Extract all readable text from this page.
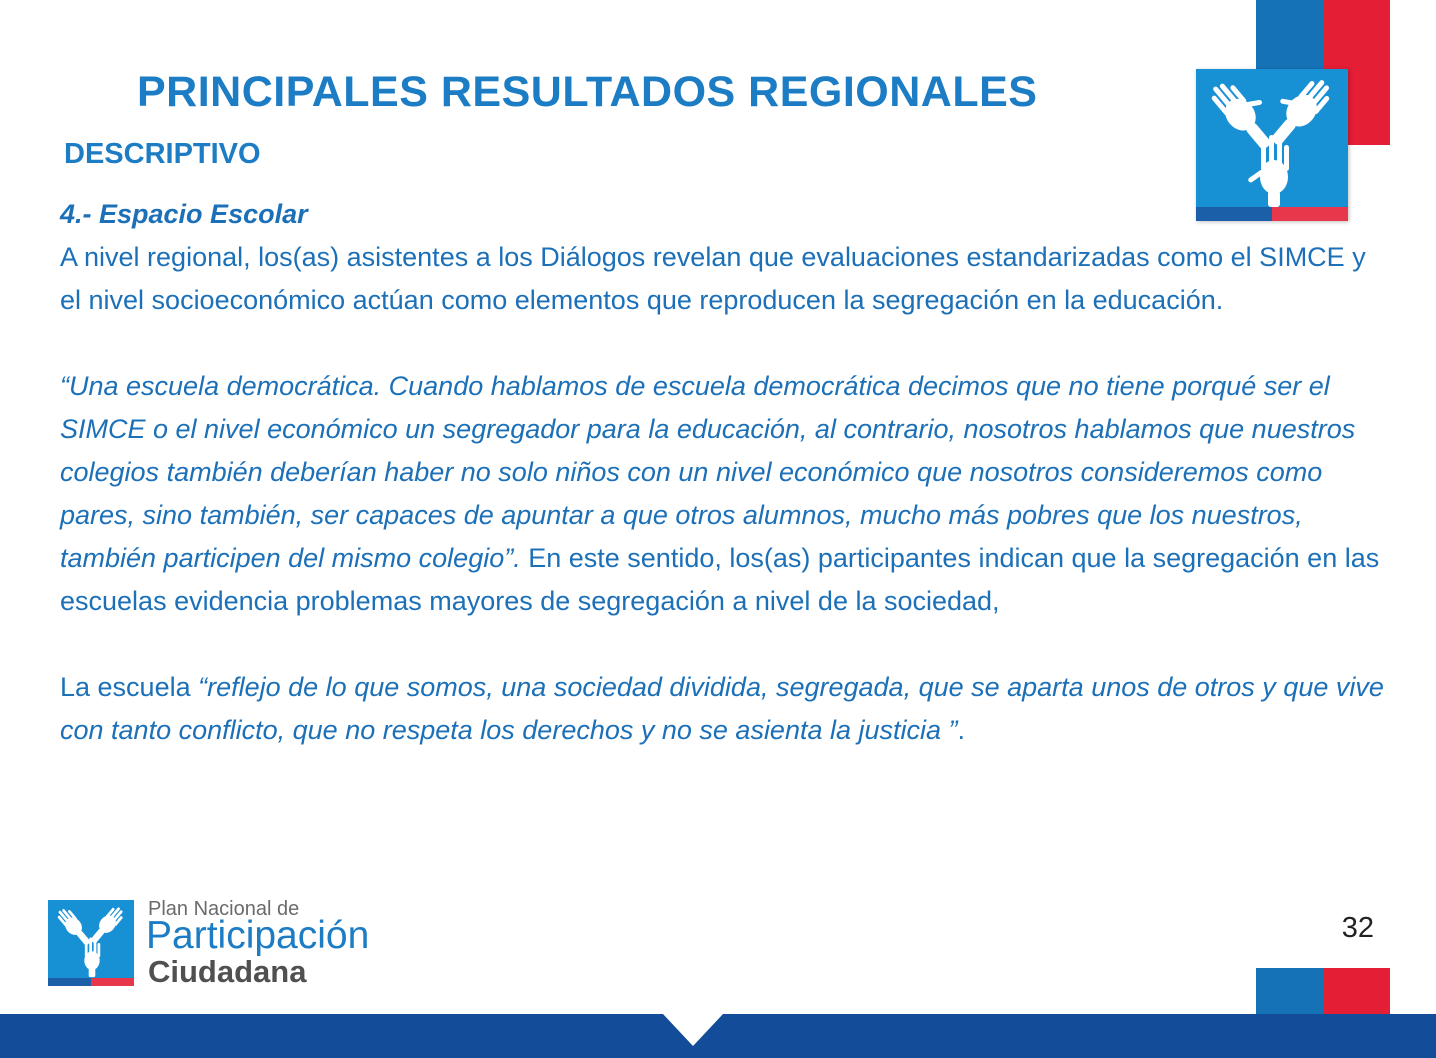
PRINCIPALES RESULTADOS REGIONALES
DESCRIPTIVO

4.- Espacio Escolar

A nivel regional, los(as) asistentes a los Diálogos revelan que evaluaciones estandarizadas como el SIMCE y el nivel socioeconómico actúan como elementos que reproducen la segregación en la educación.

“Una escuela democrática. Cuando hablamos de escuela democrática decimos que no tiene porqué ser el SIMCE o el nivel económico un segregador para la educación, al contrario, nosotros hablamos que nuestros colegios también deberían haber no solo niños con un nivel económico que nosotros consideremos como pares, sino también, ser capaces de apuntar a que otros alumnos, mucho más pobres que los nuestros, también participen del mismo colegio”. En este sentido, los(as) participantes indican que la segregación en las escuelas evidencia problemas mayores de segregación a nivel de la sociedad,

La escuela “reflejo de lo que somos, una sociedad dividida, segregada, que se aparta unos de otros y que vive con tanto conflicto, que no respeta los derechos y no se asienta la justicia ”.

Plan Nacional de
Participación
Ciudadana
32
